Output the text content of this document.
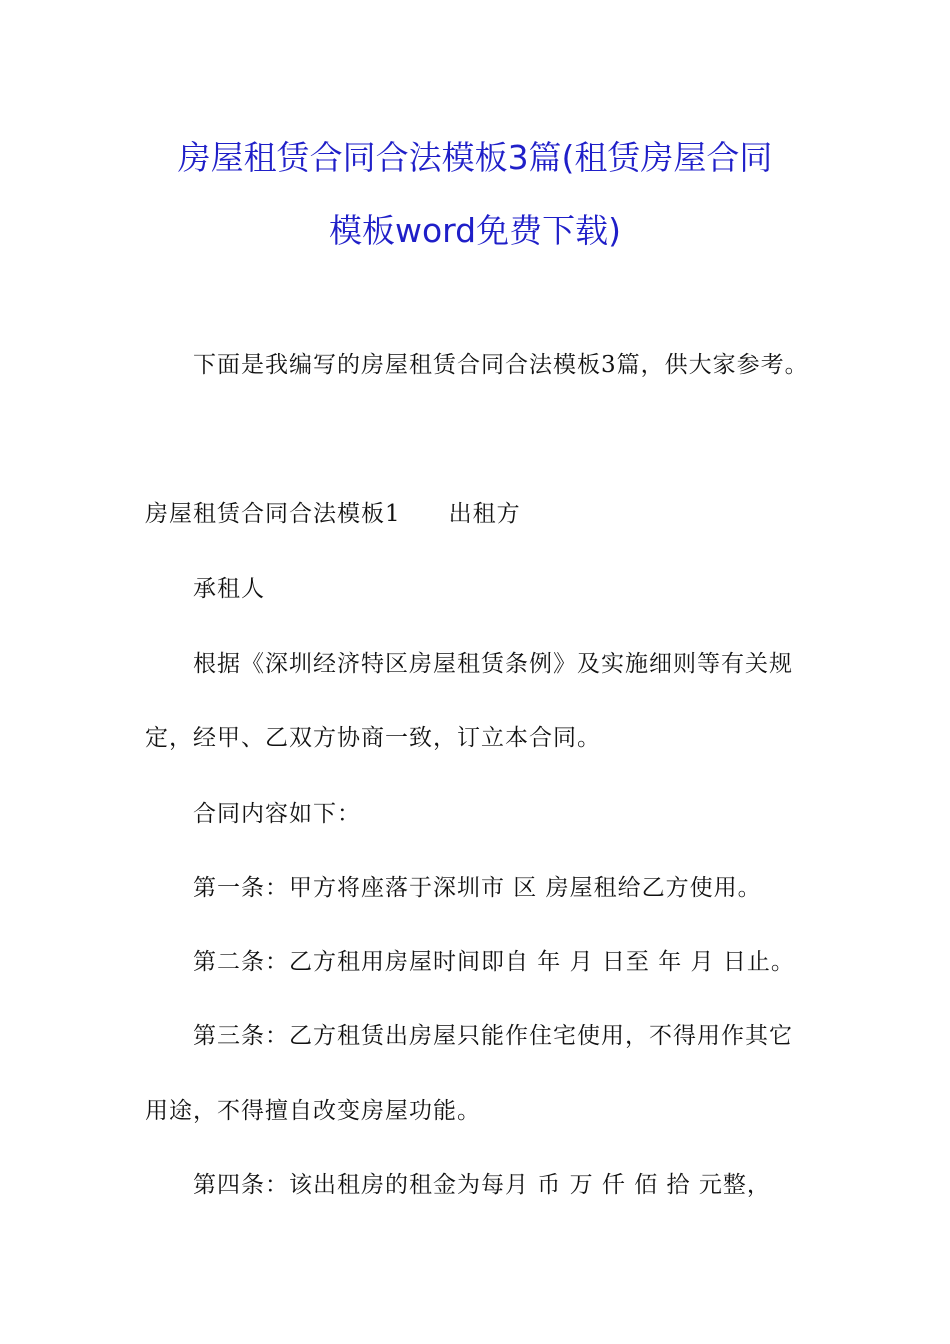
房屋租赁合同合法模板3篇(租赁房屋合同
模板word免费下载)
下面是我编写的房屋租赁合同合法模板3篇，供大家参考。
房屋租赁合同合法模板1 出租方
承租人
根据《深圳经济特区房屋租赁条例》及实施细则等有关规
定，经甲、乙双方协商一致，订立本合同。
合同内容如下：
第一条：甲方将座落于深圳市 区 房屋租给乙方使用。
第二条：乙方租用房屋时间即自 年 月 日至 年 月 日止。
第三条：乙方租赁出房屋只能作住宅使用，不得用作其它
用途，不得擅自改变房屋功能。
第四条：该出租房的租金为每月 币 万 仟 佰 拾 元整，
